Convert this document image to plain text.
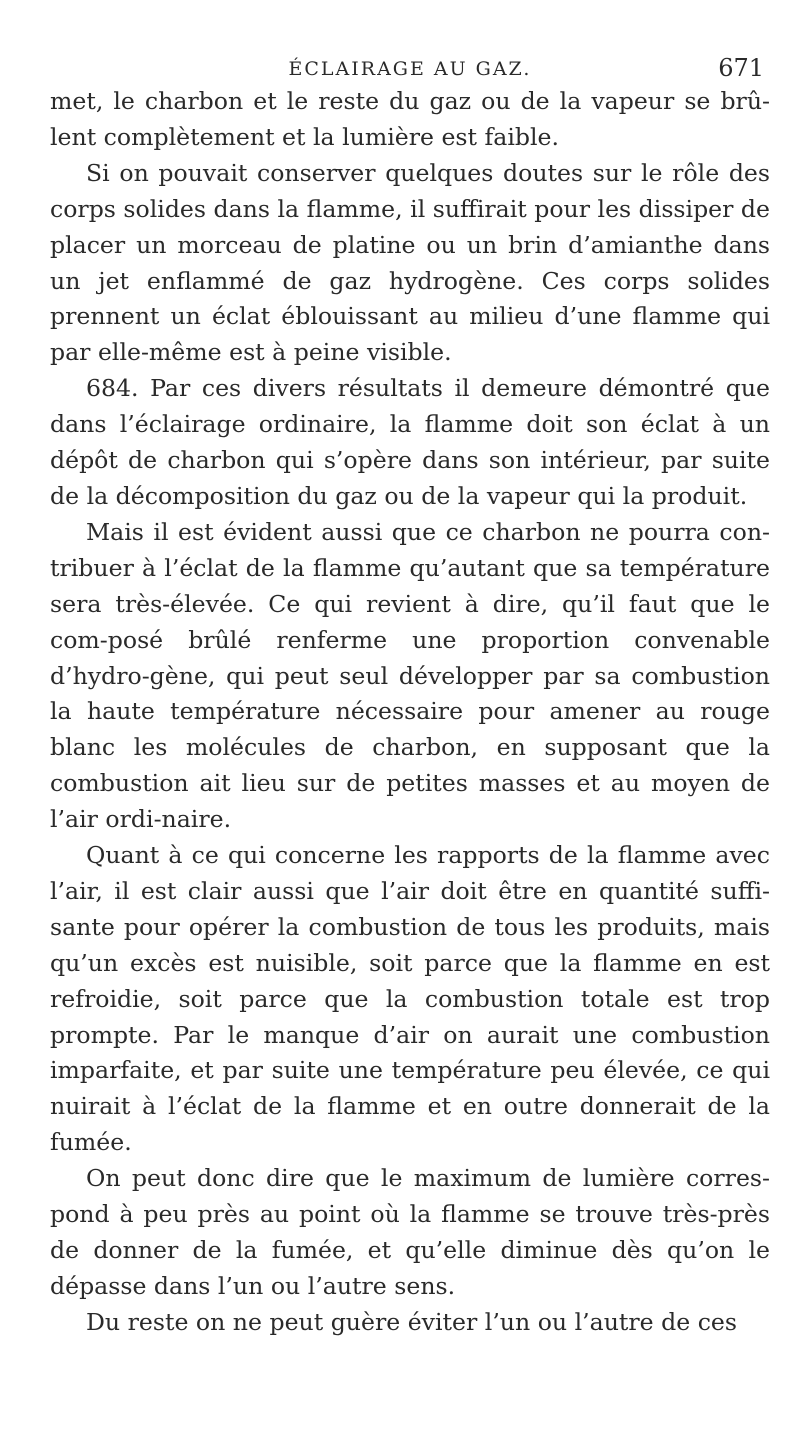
ÉCLAIRAGE AU GAZ.	671

met, le charbon et le reste du gaz ou de la vapeur se brû-lent complètement et la lumière est faible.

Si on pouvait conserver quelques doutes sur le rôle des corps solides dans la flamme, il suffirait pour les dissiper de placer un morceau de platine ou un brin d’amianthe dans un jet enflammé de gaz hydrogène. Ces corps solides prennent un éclat éblouissant au milieu d’une flamme qui par elle-même est à peine visible.

684. Par ces divers résultats il demeure démontré que dans l’éclairage ordinaire, la flamme doit son éclat à un dépôt de charbon qui s’opère dans son intérieur, par suite de la décomposition du gaz ou de la vapeur qui la produit.

Mais il est évident aussi que ce charbon ne pourra con-tribuer à l’éclat de la flamme qu’autant que sa température sera très-élevée. Ce qui revient à dire, qu’il faut que le com-posé brûlé renferme une proportion convenable d’hydro-gène, qui peut seul développer par sa combustion la haute température nécessaire pour amener au rouge blanc les molécules de charbon, en supposant que la combustion ait lieu sur de petites masses et au moyen de l’air ordi-naire.

Quant à ce qui concerne les rapports de la flamme avec l’air, il est clair aussi que l’air doit être en quantité suffi-sante pour opérer la combustion de tous les produits, mais qu’un excès est nuisible, soit parce que la flamme en est refroidie, soit parce que la combustion totale est trop prompte. Par le manque d’air on aurait une combustion imparfaite, et par suite une température peu élevée, ce qui nuirait à l’éclat de la flamme et en outre donnerait de la fumée.

On peut donc dire que le maximum de lumière corres-pond à peu près au point où la flamme se trouve très-près de donner de la fumée, et qu’elle diminue dès qu’on le dépasse dans l’un ou l’autre sens.

Du reste on ne peut guère éviter l’un ou l’autre de ces
